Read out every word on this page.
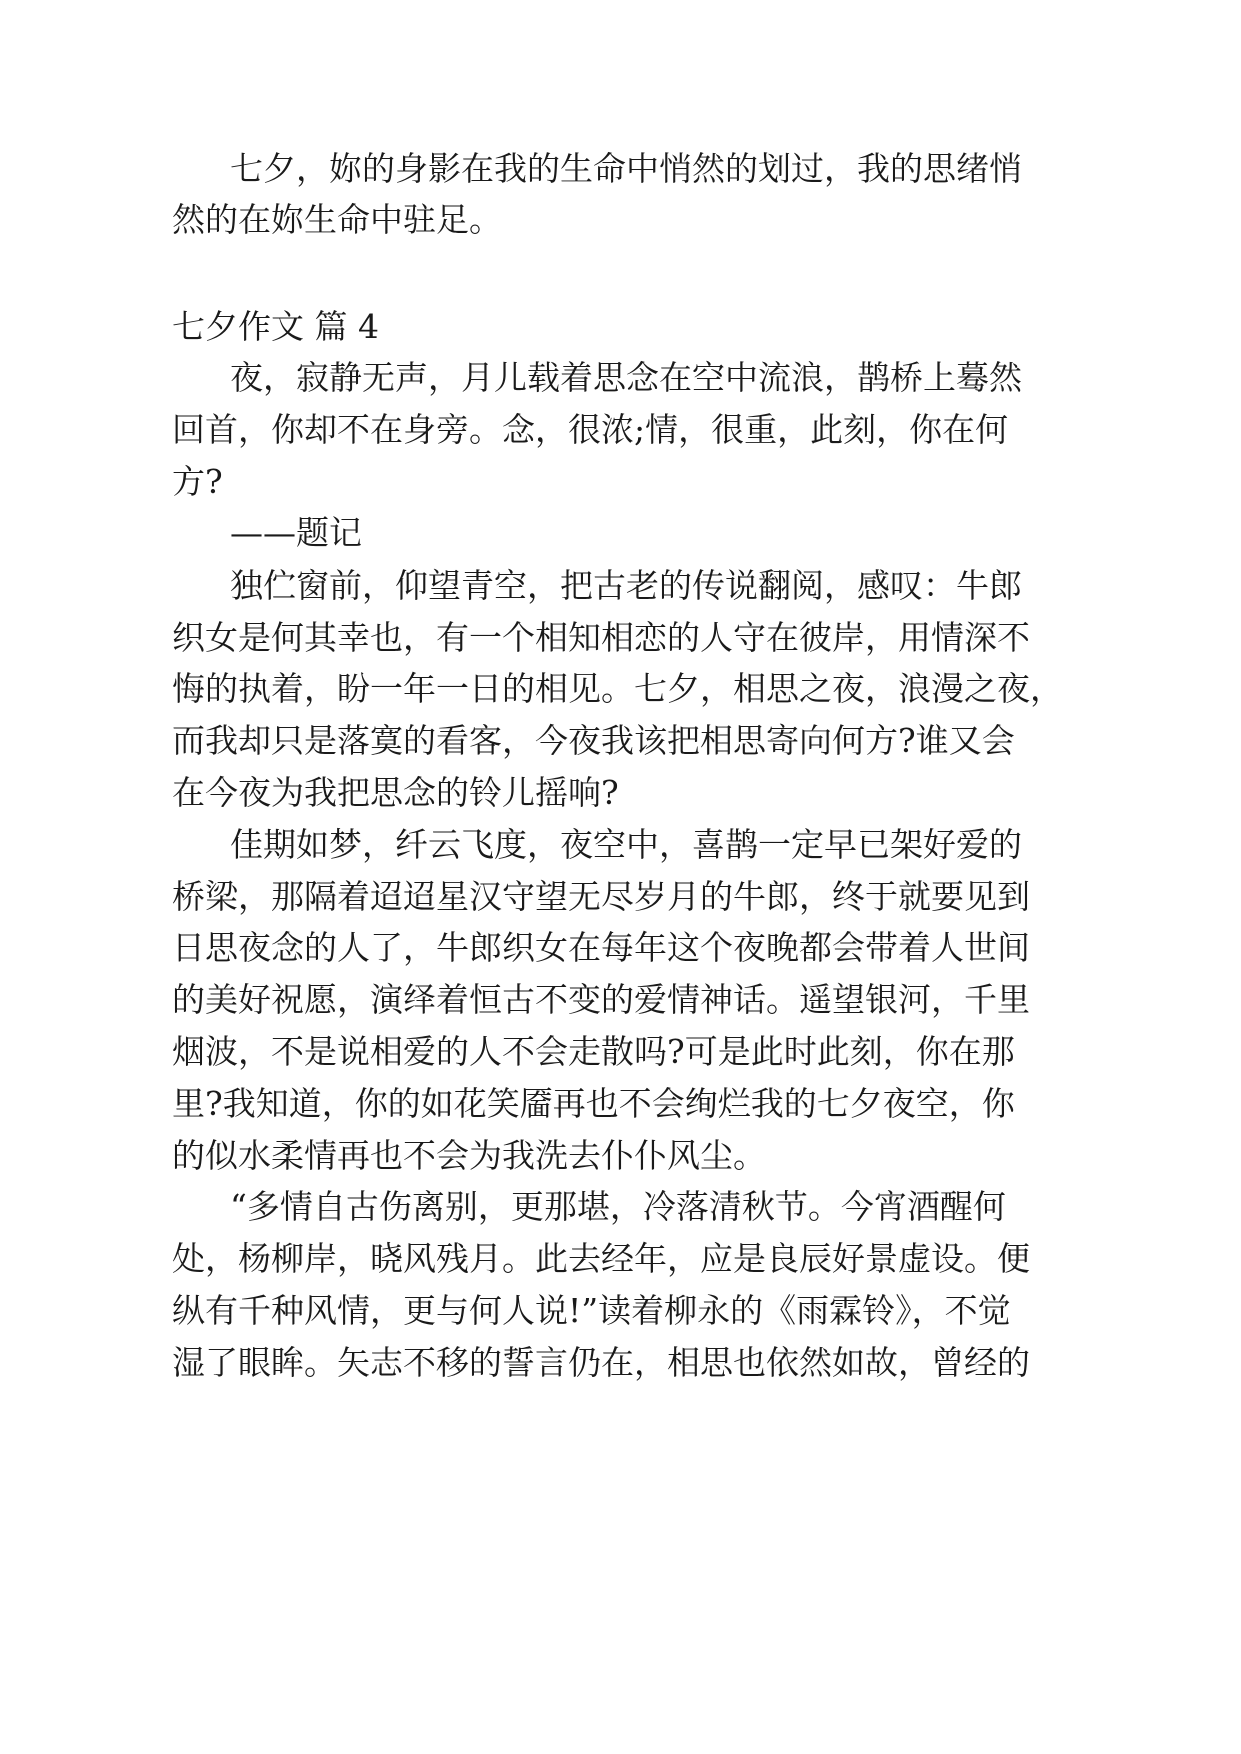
七夕，妳的身影在我的生命中悄然的划过，我的思绪悄

然的在妳生命中驻足。

七夕作文 篇 4

夜，寂静无声，月儿载着思念在空中流浪，鹊桥上蓦然

回首，你却不在身旁。念，很浓;情，很重，此刻，你在何

方?

——题记

独伫窗前，仰望青空，把古老的传说翻阅，感叹：牛郎

织女是何其幸也，有一个相知相恋的人守在彼岸，用情深不

悔的执着，盼一年一日的相见。七夕，相思之夜，浪漫之夜，

而我却只是落寞的看客，今夜我该把相思寄向何方?谁又会

在今夜为我把思念的铃儿摇响?

佳期如梦，纤云飞度，夜空中，喜鹊一定早已架好爱的

桥梁，那隔着迢迢星汉守望无尽岁月的牛郎，终于就要见到

日思夜念的人了，牛郎织女在每年这个夜晚都会带着人世间

的美好祝愿，演绎着恒古不变的爱情神话。遥望银河，千里

烟波，不是说相爱的人不会走散吗?可是此时此刻，你在那

里?我知道，你的如花笑靥再也不会绚烂我的七夕夜空，你

的似水柔情再也不会为我洗去仆仆风尘。

“多情自古伤离别，更那堪，冷落清秋节。今宵酒醒何

处，杨柳岸，晓风残月。此去经年，应是良辰好景虚设。便

纵有千种风情，更与何人说!”读着柳永的《雨霖铃》，不觉

湿了眼眸。矢志不移的誓言仍在，相思也依然如故，曾经的
